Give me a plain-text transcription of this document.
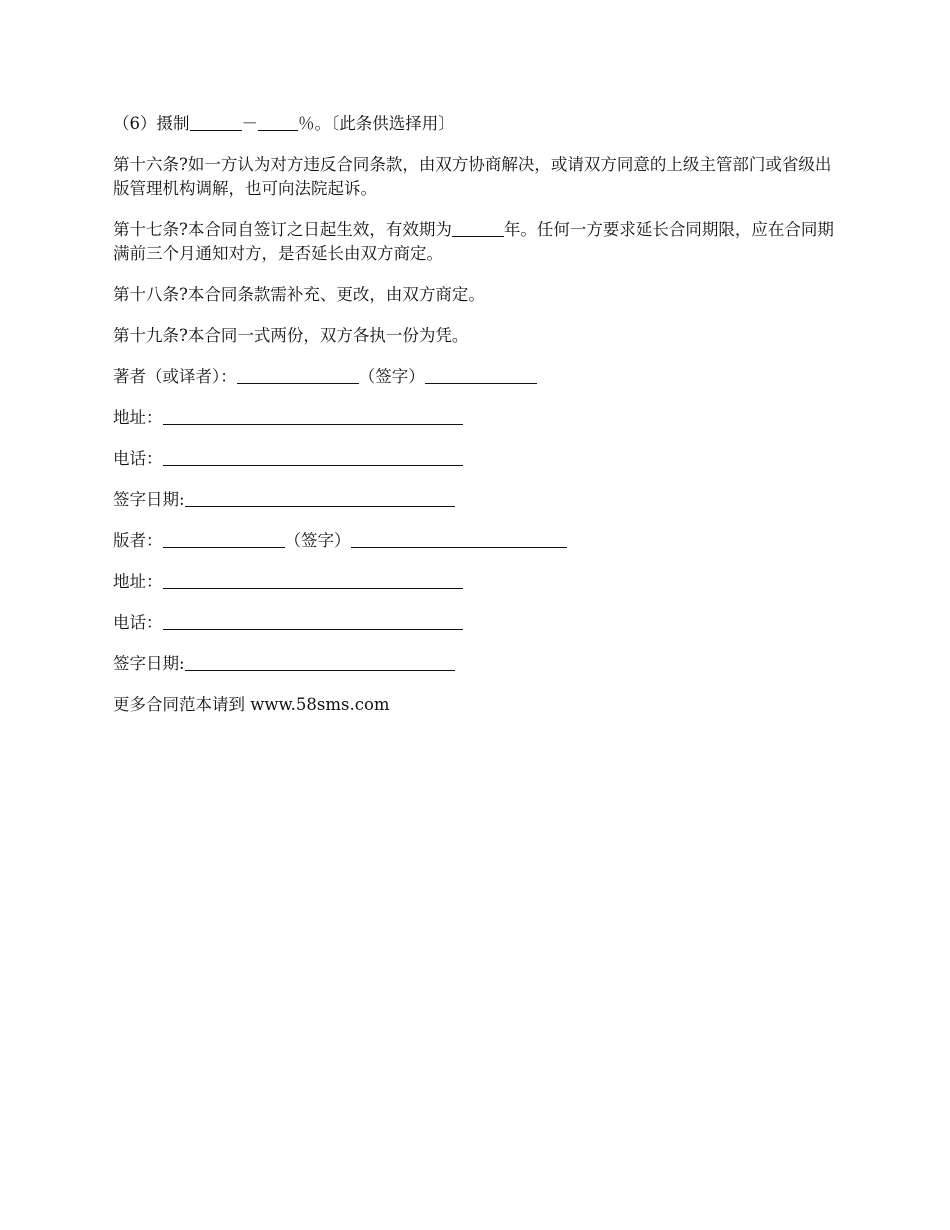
（6）摄制	－ ％。〔此条供选择用〕

第十六条?如一方认为对方违反合同条款，由双方协商解决，或请双方同意的上级主管部门或省级出版管理机构调解，也可向法院起诉。

第十七条?本合同自签订之日起生效，有效期为	年。任何一方要求延长合同期限，应在合同期满前三个月通知对方，是否延长由双方商定。

第十八条?本合同条款需补充、更改，由双方商定。

第十九条?本合同一式两份，双方各执一份为凭。

著者（或译者）：	（签字）

地址：

电话：

签字日期:

版者：	（签字）

地址：

电话：

签字日期:

更多合同范本请到 www.58sms.com
